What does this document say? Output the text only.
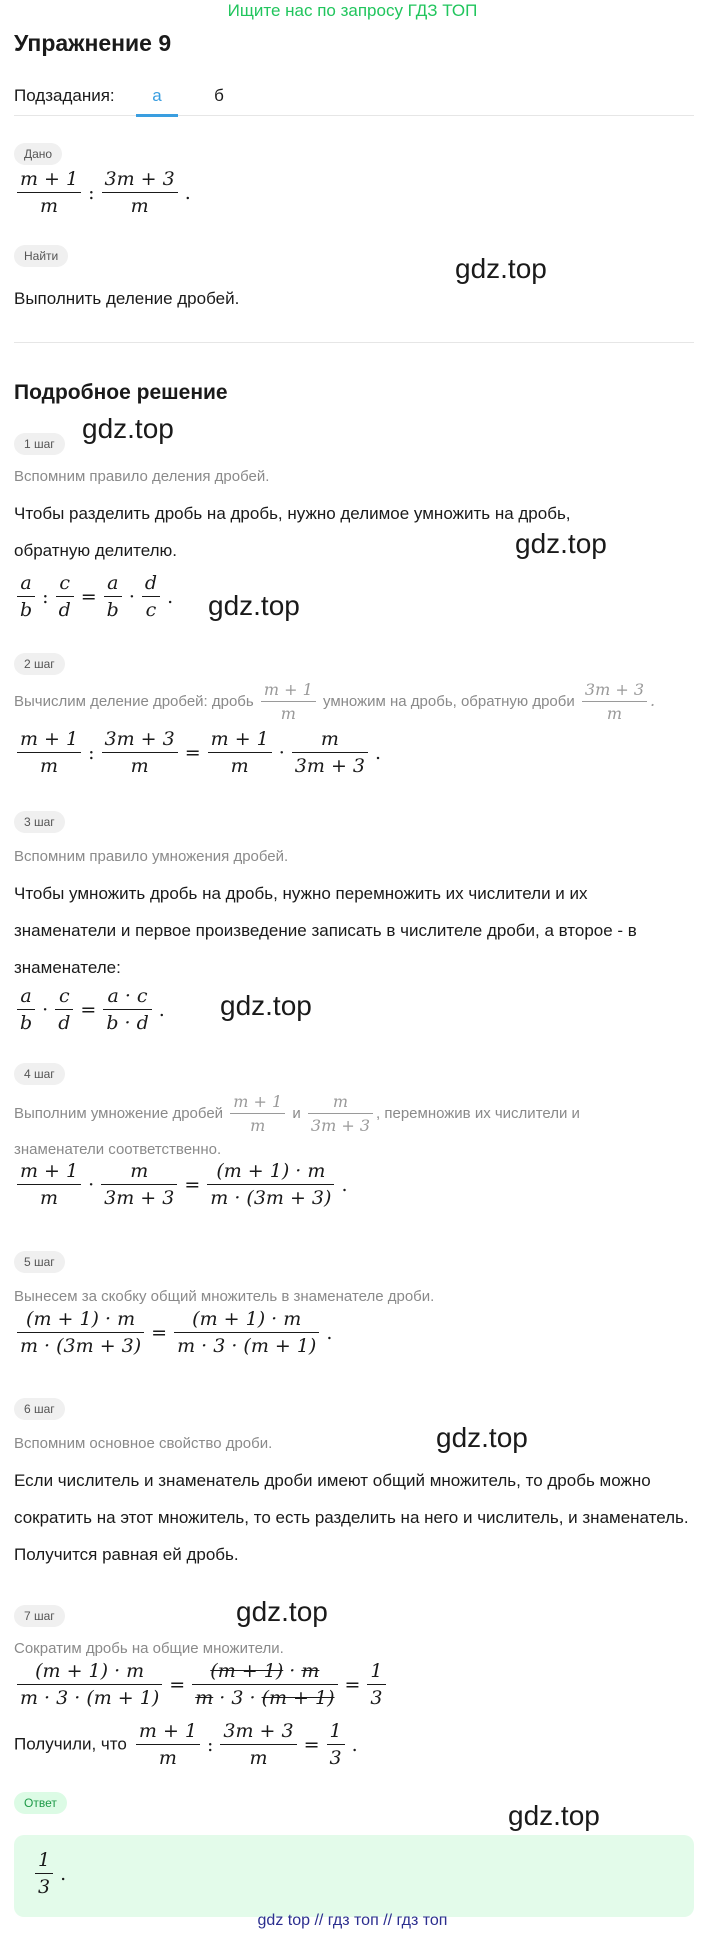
Ищите нас по запросу ГДЗ ТОП
Упражнение 9
Подзадания:	а	б
Дано
$\frac{m + 1}{m}$ : $\frac{3m + 3}{m}$ .
Найти
Выполнить деление дробей.
gdz.top
Подробное решение
1 шаг gdz.top
Вспомним правило деления дробей.
Чтобы разделить дробь на дробь, нужно делимое умножить на дробь, обратную делителю.	gdz.top
$\frac{a}{b}$ : $\frac{c}{d} = \frac{a}{b} \cdot \frac{d}{c}$ . gdz.top
2 шаг
Вычислим деление дробей: дробь $\frac{m + 1}{m}$ умножим на дробь, обратную дроби $\frac{3m + 3}{m}$ .
$\frac{m + 1}{m}$ : $\frac{3m + 3}{m} = \frac{m + 1}{m} \cdot \frac{m}{3m + 3}$ .
3 шаг
Вспомним правило умножения дробей.
Чтобы умножить дробь на дробь, нужно перемножить их числители и их знаменатели и первое произведение записать в числителе дроби, а второе - в знаменателе:
$\frac{a}{b} \cdot \frac{c}{d} = \frac{a \cdot c}{b \cdot d}$ . gdz.top
4 шаг
Выполним умножение дробей $\frac{m + 1}{m}$ и $\frac{m}{3m + 3}$ , перемножив их числители и
знаменатели соответственно.
$\frac{m + 1}{m} \cdot \frac{m}{3m + 3} = \frac{(m + 1) \cdot m}{m \cdot (3m + 3)}$ .
5 шаг
Вынесем за скобку общий множитель в знаменателе дроби.
$\frac{(m + 1) \cdot m}{m \cdot (3m + 3)} = \frac{(m + 1) \cdot m}{m \cdot 3 \cdot (m + 1)}$ .
6 шаг
Вспомним основное свойство дроби.	gdz.top
Если числитель и знаменатель дроби имеют общий множитель, то дробь можно сократить на этот множитель, то есть разделить на него и числитель, и знаменатель. Получится равная ей дробь.
7 шаг	gdz.top
Сократим дробь на общие множители.
$\frac{(m + 1) \cdot m}{m \cdot 3 \cdot (m + 1)} = \frac{(m + 1) \cdot m}{m \cdot 3 \cdot (m + 1)} = \frac{1}{3}$
Получили, что $\frac{m + 1}{m}$ : $\frac{3m + 3}{m} = \frac{1}{3}$ .
Ответ	gdz.top
$\frac{1}{3}$ .
gdz top // гдз топ // гдз топ
